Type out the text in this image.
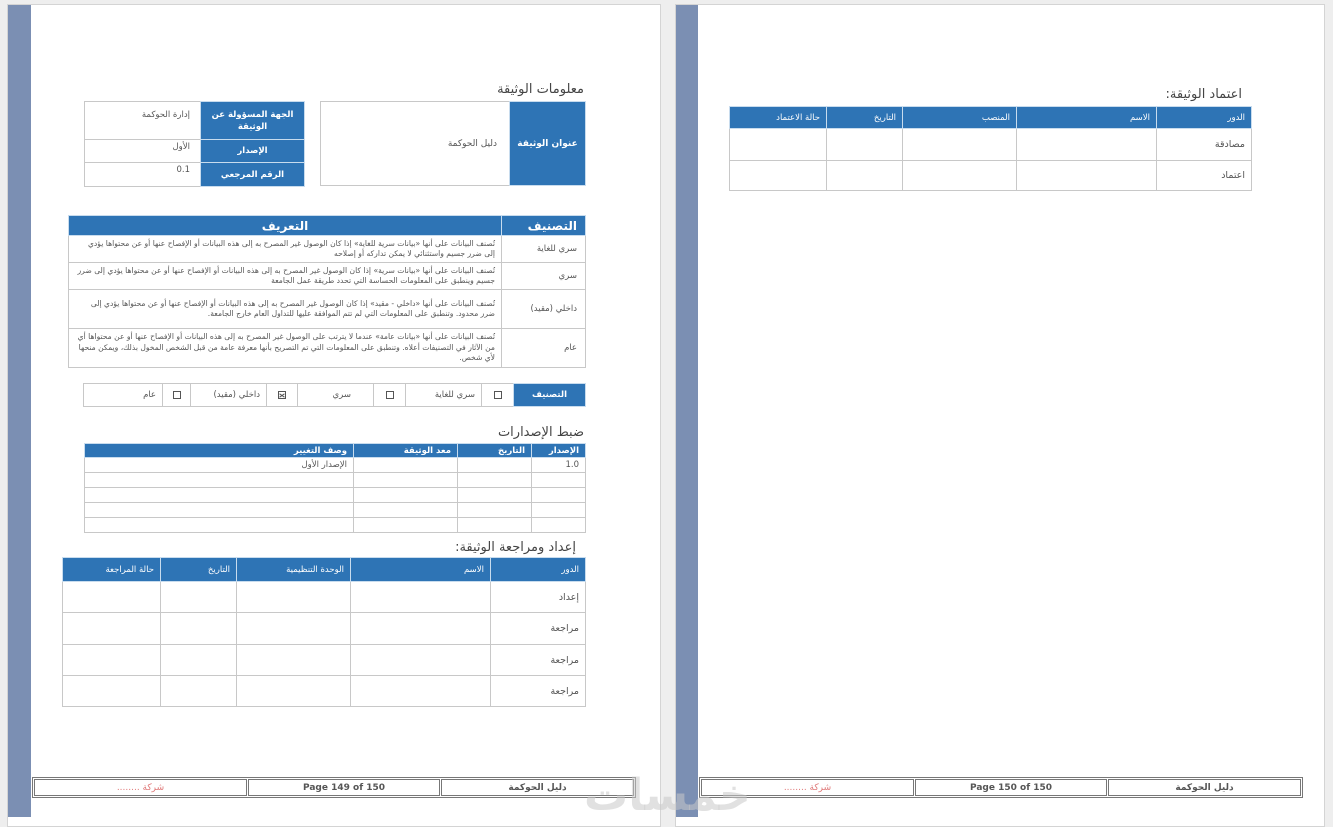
معلومات الوثيقة
عنوان الوثيقة	دليل الحوكمة
الجهة المسؤولة عن الوثيقة	إدارة الحوكمة
الإصدار	الأول
الرقم المرجعي	0.1
التصنيف	التعريف
سري للغاية	تُصنف البيانات على أنها «بيانات سرية للغاية» إذا كان الوصول غير المصرح به إلى هذه البيانات أو الإفصاح عنها أو عن محتواها يؤدي إلى ضرر جسيم واستثنائي لا يمكن تداركه أو إصلاحه
سري	تُصنف البيانات على أنها «بيانات سرية» إذا كان الوصول غير المصرح به إلى هذه البيانات أو الإفصاح عنها أو عن محتواها يؤدي إلى ضرر جسيم وينطبق على المعلومات الحساسة التي تحدد طريقة عمل الجامعة
داخلي (مقيد)	تُصنف البيانات على أنها «داخلي - مقيد» إذا كان الوصول غير المصرح به إلى هذه البيانات أو الإفصاح عنها أو عن محتواها يؤدي إلى ضرر محدود. وتنطبق على المعلومات التي لم تتم الموافقة عليها للتداول العام خارج الجامعة.
عام	تُصنف البيانات على أنها «بيانات عامة» عندما لا يترتب على الوصول غير المصرح به إلى هذه البيانات أو الإفصاح عنها أو عن محتواها أي من الآثار في التصنيفات أعلاه. وتنطبق على المعلومات التي تم التصريح بأنها معرفة عامة من قبل الشخص المخول بذلك، ويمكن منحها لأي شخص.
التصنيف		سري للغاية		سري		داخلي (مقيد)		عام
ضبط الإصدارات
الإصدار	التاريخ	معد الوثيقة	وصف التغيير
1.0			الإصدار الأول

إعداد ومراجعة الوثيقة:
الدور	الاسم	الوحدة التنظيمية	التاريخ	حالة المراجعة
إعداد				
مراجعة				
مراجعة				
مراجعة				
دليل الحوكمة
Page 149 of 150
شركة ........
اعتماد الوثيقة:
الدور	الاسم	المنصب	التاريخ	حالة الاعتماد
مصادقة				
اعتماد				
دليل الحوكمة
Page 150 of 150
شركة ........
خمسات
